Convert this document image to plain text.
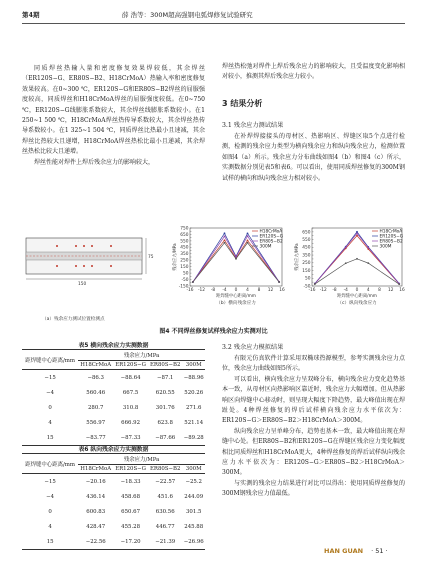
第4期	薛 浩等：300M超高强钢电弧焊修复试验研究

同质焊丝热输入量和密度修复效果焊较低，其余焊丝（ER120S−G、ER80S−B2、H18CrMoA）热输入率和密度修复效果较高。在0~300 ℃，ER120S−G和ER80S−B2焊丝的屈服强度较高，同质焊丝和H18CrMoA焊丝的屈服强度较低。在0~750 ℃，ER120S−G线膨胀系数较大，其余焊丝线膨胀系数较小。在1 250~1 500 ℃，H18CrMoA焊丝热传导系数较大，其余焊丝热传导系数较小。在1 325~1 504 ℃，同质焊丝比热最小且速减，其余焊丝比热较大且递增，H18CrMoA焊丝热松比最小且递减，其余焊丝热松比较大且递增。

焊丝性能对焊件上焊后残余应力的影响较大，

焊丝热松弛对焊件上焊后残余应力的影响较大，且受温度变化影响相对较小，推测其焊后残余应力较小。

3 结果分析
3.1 残余应力测试结果

在补焊焊接接头的母材区、热影响区、焊缝区取5个点进行检测，检测的残余应力类型为横向残余应力和纵向残余应力，检测位置如图4（a）所示。残余应力分布曲线如图4（b）和图4（c）所示，实测数据分别见表5和表6。可以看出，使用同质焊丝修复的300M钢试样的横向和纵向残余应力相对较小。

75
150
（a）残余应力测试位置检测点
-150
-50
50
150
250
350
450
550
650
750
-16 -12 -8 -4 0 4 8 12 16
残余应力/MPa
距焊缝中心距离/mm
（b）横向残余应力
H18CrMoA
ER120S−G
ER80S−B2
300M
-50
50
150
250
350
450
550
650
-16 -12 -8 -4 0 4 8 12 16
残余应力/MPa
距焊缝中心距离/mm
（c）纵向残余应力
H18CrMoA
ER120S−G
ER80S−B2
300M
图4 不同焊丝修复试样残余应力实测对比
表5 横向残余应力实测数据
距焊缝中心距离/mm	残余应力/MPa			
	H18CrMoA	ER120S−G	ER80S−B2	300M
−15	−86.3	−88.64	−87.1	−88.96
−4	560.46	667.5	620.55	520.26
0	280.7	310.8	301.76	271.6
4	556.97	666.92	623.8	521.14
15	−83.77	−87.33	−87.66	−89.28
表6 纵向残余应力实测数据
距焊缝中心距离/mm	残余应力/MPa			
	H18CrMoA	ER120S−G	ER80S−B2	300M
−15	−20.16	−18.33	−22.57	−25.2
−4	436.14	458.68	451.6	244.09
0	600.83	650.67	630.56	301.5
4	428.47	455.28	446.77	245.88
15	−22.56	−17.20	−21.39	−26.96
3.2 残余应力模拟结果

有限元仿真软件计算采用双椭球热源模型，参考实测残余应力点位，残余应力曲线如图5所示。

可以看出，横向残余应力呈双峰分布，横向残余应力变化趋势基本一致，从母材区向热影响区靠近时，残余应力大幅增加。但从热影响区向焊缝中心移动时，则呈现大幅度下降趋势，最大峰值出现在焊趾处。4种焊丝修复的焊后试样横向残余应力水平依次为：ER120S−G＞ER80S−B2＞H18CrMoA＞300M。

纵向残余应力呈单峰分布，趋势也基本一致，最大峰值出现在焊缝中心处。但ER80S−B2和ER120S−G在焊缝区残余应力变化幅度相比同质焊丝和H18CrMoA更大，4种焊丝修复的焊后试样纵向残余应力水平依次为：ER120S−G＞ER80S−B2＞H18CrMoA＞300M。

与实测的残余应力结果进行对比可以得出：使用同质焊丝修复的300M钢残余应力值最低。

HAN GUAN · 51 ·
